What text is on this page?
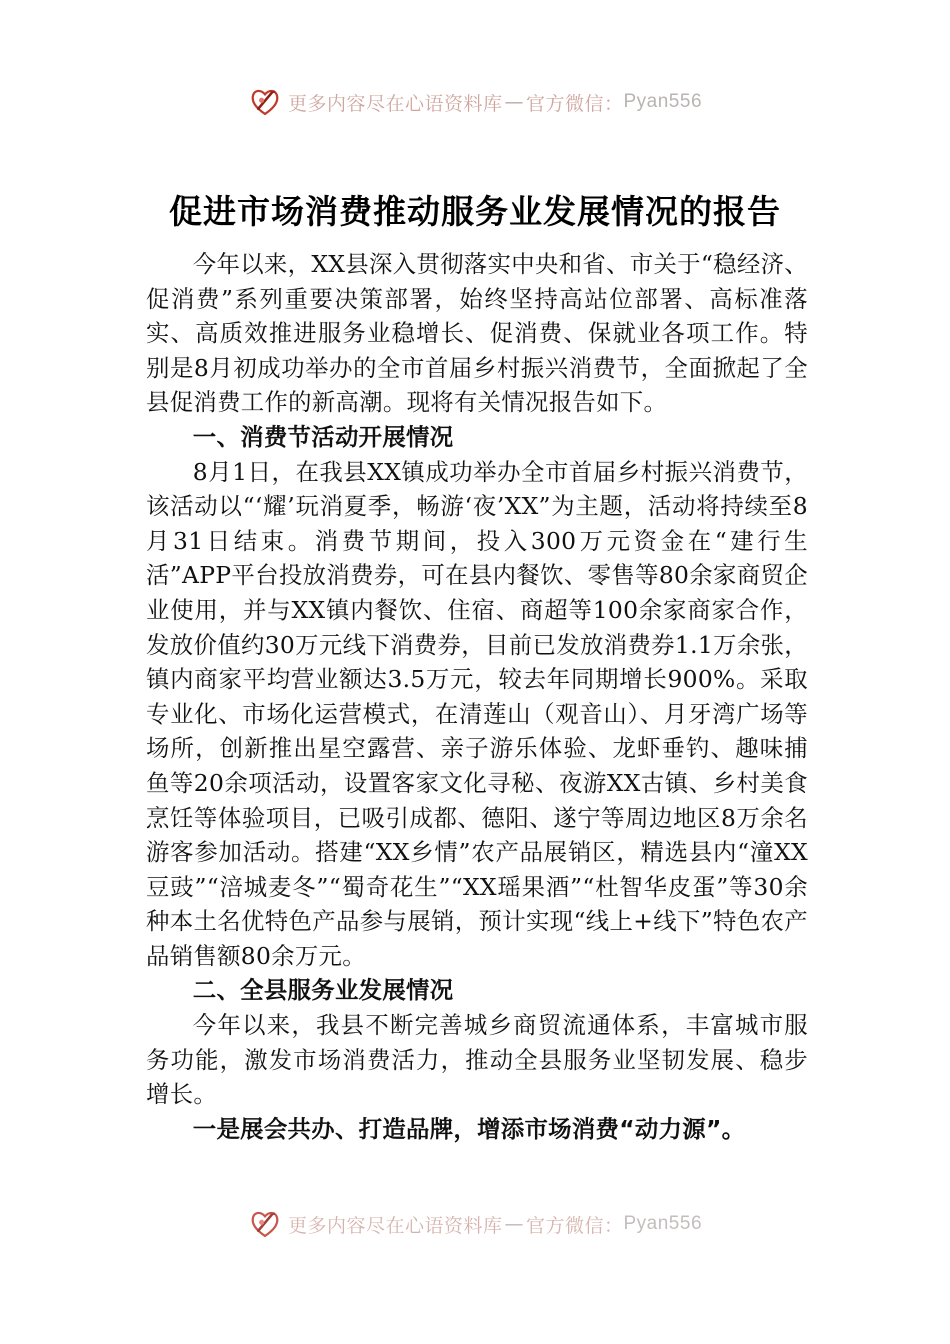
更多内容尽在心语资料库 — 官方微信： Pyan556
促进市场消费推动服务业发展情况的报告

今年以来，XX县深入贯彻落实中央和省、市关于“稳经济、促消费”系列重要决策部署，始终坚持高站位部署、高标准落实、高质效推进服务业稳增长、促消费、保就业各项工作。特别是8月初成功举办的全市首届乡村振兴消费节，全面掀起了全县促消费工作的新高潮。现将有关情况报告如下。

一、消费节活动开展情况

8月1日，在我县XX镇成功举办全市首届乡村振兴消费节，该活动以“‘耀’玩消夏季，畅游‘夜’XX”为主题，活动将持续至8月31日结束。消费节期间，投入300万元资金在“建行生活”APP平台投放消费券，可在县内餐饮、零售等80余家商贸企业使用，并与XX镇内餐饮、住宿、商超等100余家商家合作，发放价值约30万元线下消费券，目前已发放消费券1.1万余张，镇内商家平均营业额达3.5万元，较去年同期增长900%。采取专业化、市场化运营模式，在清莲山（观音山）、月牙湾广场等场所，创新推出星空露营、亲子游乐体验、龙虾垂钓、趣味捕鱼等20余项活动，设置客家文化寻秘、夜游XX古镇、乡村美食烹饪等体验项目，已吸引成都、德阳、遂宁等周边地区8万余名游客参加活动。搭建“XX乡情”农产品展销区，精选县内“潼XX豆豉”“涪城麦冬”“蜀奇花生”“XX瑶果酒”“杜智华皮蛋”等30余种本土名优特色产品参与展销，预计实现“线上+线下”特色农产品销售额80余万元。

二、全县服务业发展情况

今年以来，我县不断完善城乡商贸流通体系，丰富城市服务功能，激发市场消费活力，推动全县服务业坚韧发展、稳步增长。

一是展会共办、打造品牌，增添市场消费“动力源”。

更多内容尽在心语资料库 — 官方微信： Pyan556
